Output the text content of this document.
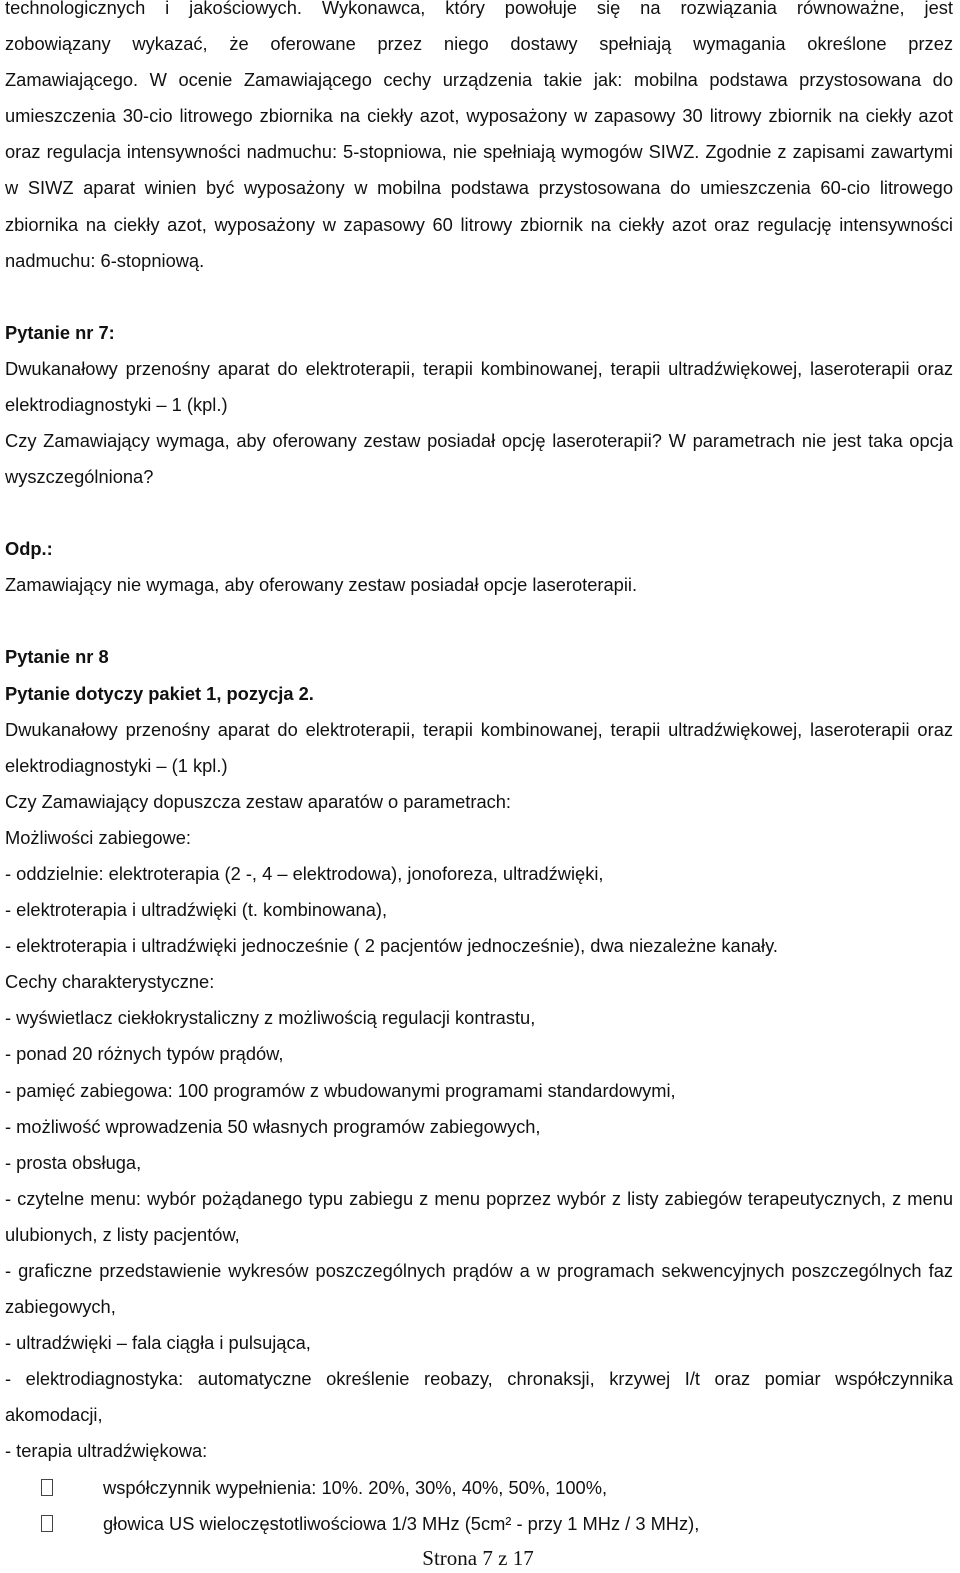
technologicznych i jakościowych. Wykonawca, który powołuje się na rozwiązania równoważne, jest

zobowiązany wykazać, że oferowane przez niego dostawy spełniają wymagania określone przez

Zamawiającego. W ocenie Zamawiającego cechy urządzenia takie jak: mobilna podstawa przystosowana do umieszczenia 30-cio litrowego zbiornika na ciekły azot, wyposażony w zapasowy 30 litrowy zbiornik na ciekły azot oraz regulacja intensywności nadmuchu: 5-stopniowa, nie spełniają wymogów SIWZ. Zgodnie z zapisami zawartymi w SIWZ aparat winien być wyposażony w mobilna podstawa przystosowana do umieszczenia 60-cio litrowego zbiornika na ciekły azot, wyposażony w zapasowy 60 litrowy zbiornik na ciekły azot oraz regulację intensywności nadmuchu: 6-stopniową.

Pytanie nr 7:

Dwukanałowy przenośny aparat do elektroterapii, terapii kombinowanej, terapii ultradźwiękowej, laseroterapii oraz elektrodiagnostyki – 1 (kpl.)

Czy Zamawiający wymaga, aby oferowany zestaw posiadał opcję laseroterapii? W parametrach nie jest taka opcja wyszczególniona?

Odp.:

Zamawiający nie wymaga, aby oferowany zestaw posiadał opcje laseroterapii.

Pytanie nr 8

Pytanie dotyczy pakiet 1, pozycja 2.

Dwukanałowy przenośny aparat do elektroterapii, terapii kombinowanej, terapii ultradźwiękowej, laseroterapii oraz elektrodiagnostyki – (1 kpl.)

Czy Zamawiający dopuszcza zestaw aparatów o parametrach:

Możliwości zabiegowe:

- oddzielnie: elektroterapia (2 -, 4 – elektrodowa), jonoforeza, ultradźwięki,

- elektroterapia i ultradźwięki (t. kombinowana),

- elektroterapia i ultradźwięki jednocześnie ( 2 pacjentów jednocześnie), dwa niezależne kanały.

Cechy charakterystyczne:

- wyświetlacz ciekłokrystaliczny z możliwością regulacji kontrastu,

- ponad 20 różnych typów prądów,

- pamięć zabiegowa: 100 programów z wbudowanymi programami standardowymi,

- możliwość wprowadzenia 50 własnych programów zabiegowych,

- prosta obsługa,

- czytelne menu: wybór pożądanego typu zabiegu z menu poprzez wybór z listy zabiegów terapeutycznych, z menu ulubionych, z listy pacjentów,

- graficzne przedstawienie wykresów poszczególnych prądów a w programach sekwencyjnych poszczególnych faz zabiegowych,

- ultradźwięki – fala ciągła i pulsująca,

- elektrodiagnostyka: automatyczne określenie reobazy, chronaksji, krzywej I/t oraz pomiar współczynnika akomodacji,

- terapia ultradźwiękowa:

współczynnik wypełnienia: 10%. 20%, 30%, 40%, 50%, 100%,
głowica US wieloczęstotliwościowa 1/3 MHz (5cm² - przy 1 MHz / 3 MHz),
Strona 7 z 17
